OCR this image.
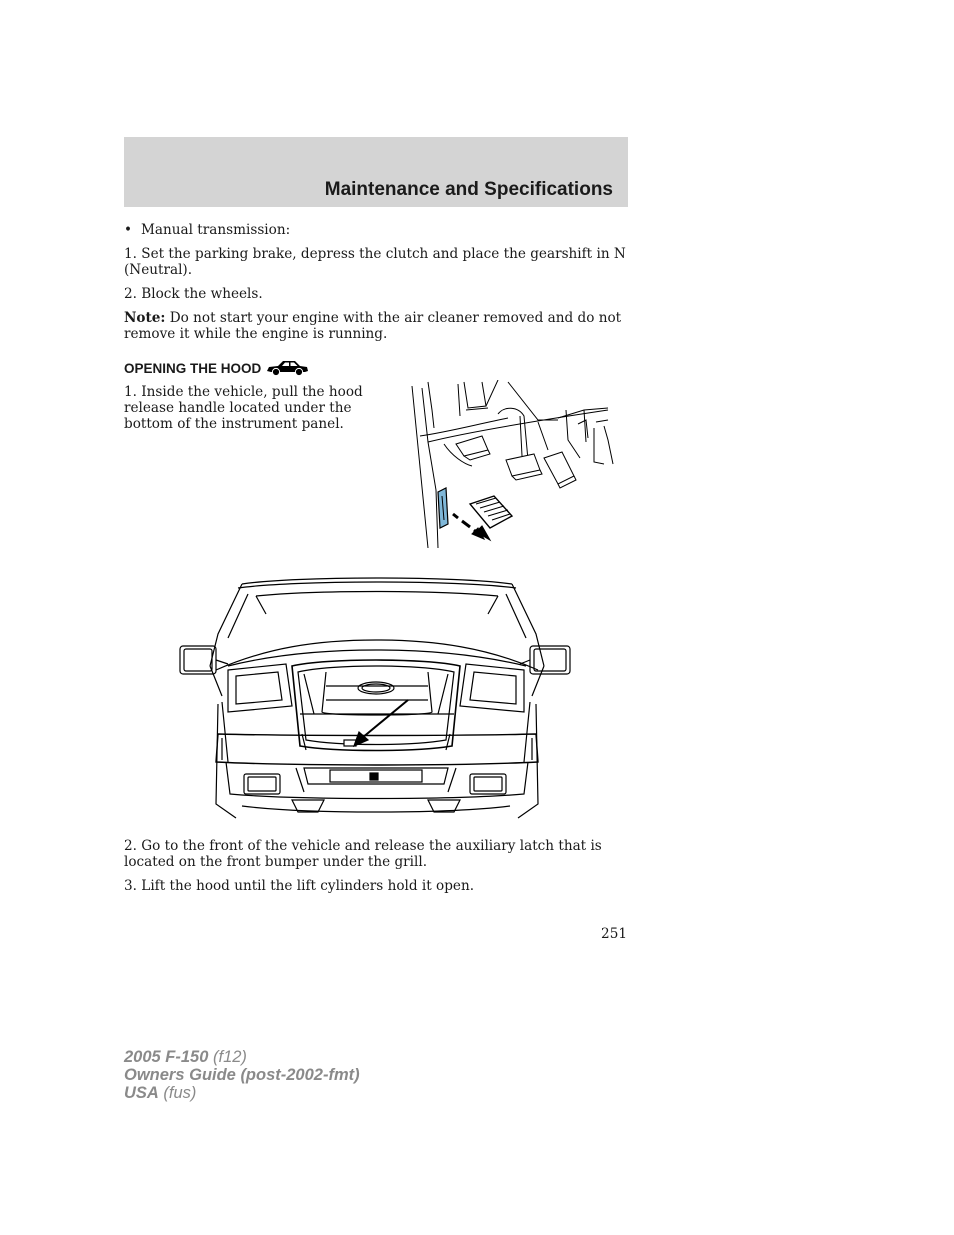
Maintenance and Specifications
• Manual transmission:

1. Set the parking brake, depress the clutch and place the gearshift in N (Neutral).

2. Block the wheels.

Note: Do not start your engine with the air cleaner removed and do not remove it while the engine is running.

OPENING THE HOOD

1. Inside the vehicle, pull the hood release handle located under the bottom of the instrument panel.

2. Go to the front of the vehicle and release the auxiliary latch that is located on the front bumper under the grill.

3. Lift the hood until the lift cylinders hold it open.

251
2005 F-150 (f12)
Owners Guide (post-2002-fmt)
USA (fus)
